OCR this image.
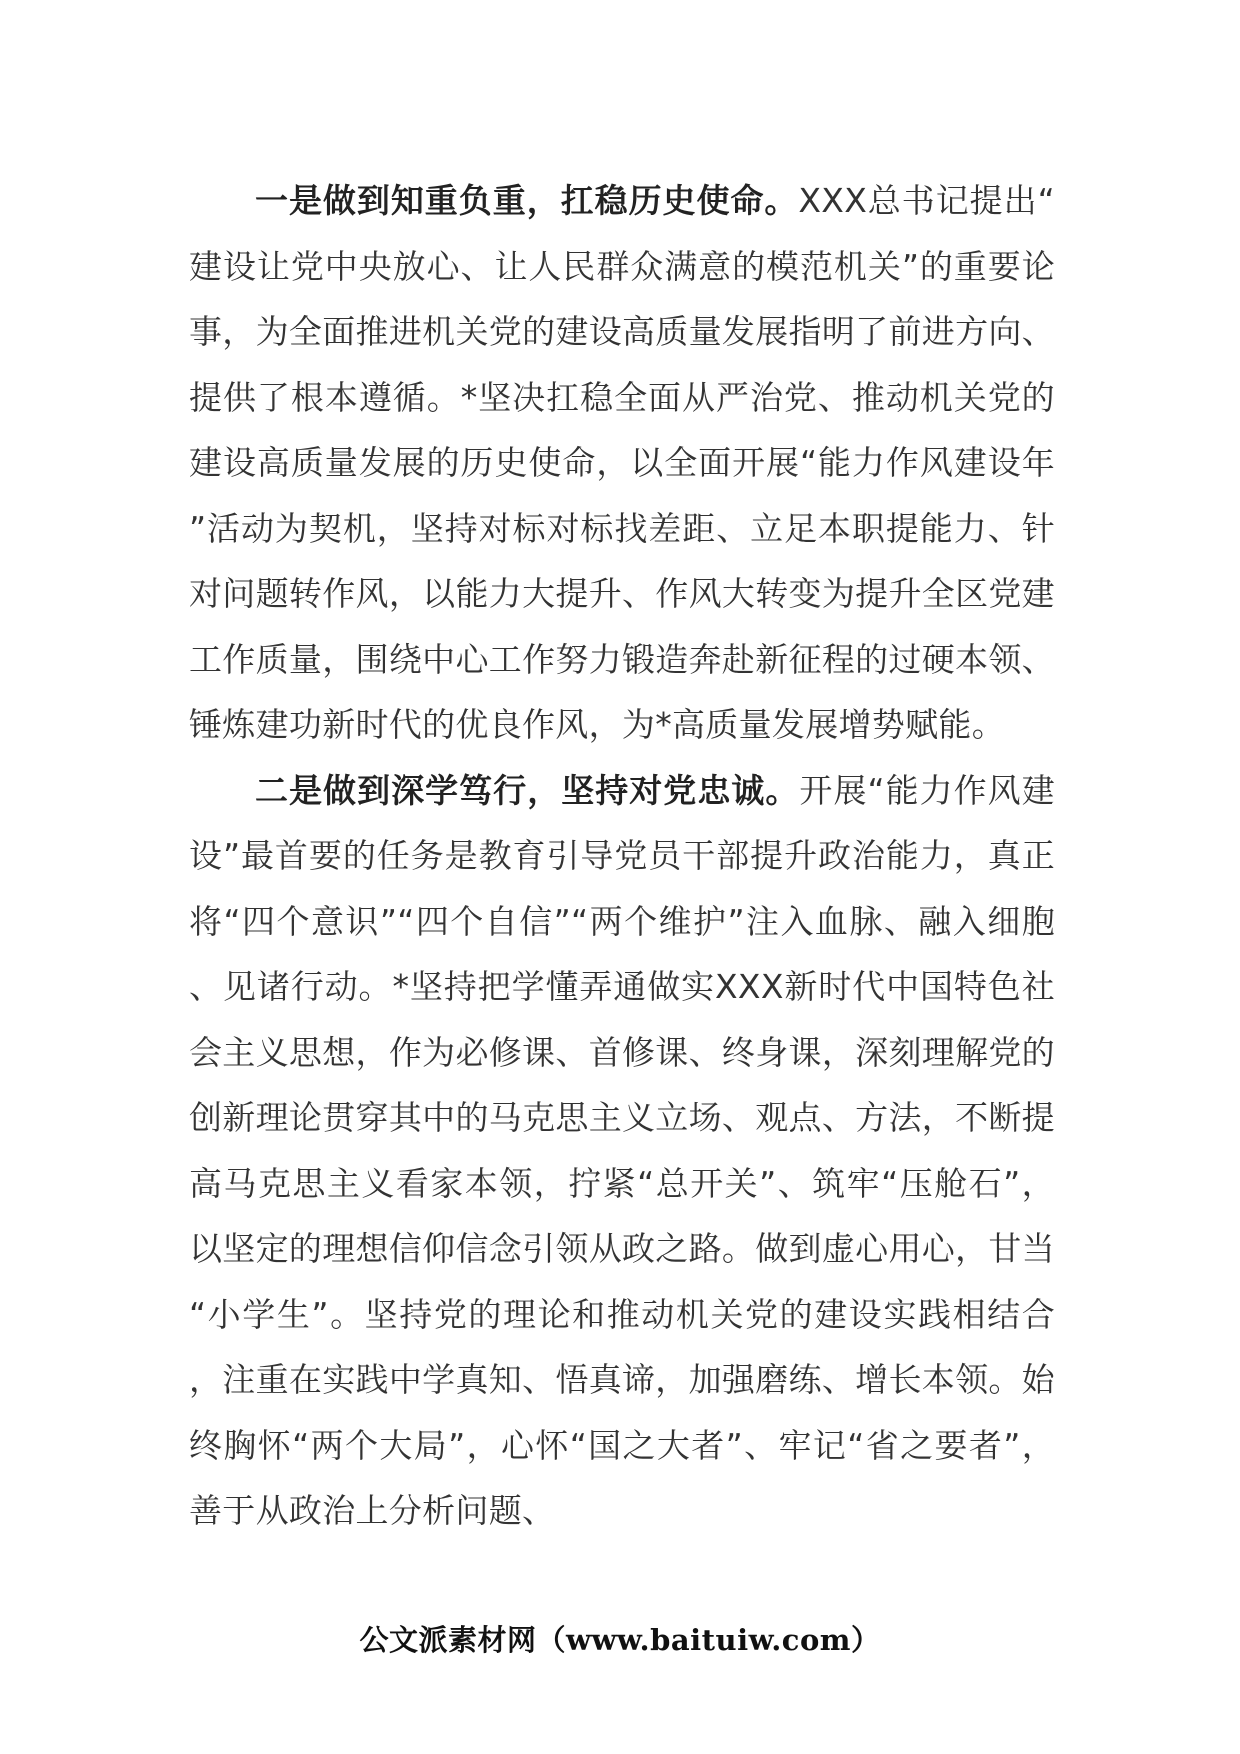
一是做到知重负重，扛稳历史使命。XXX总书记提出“建设让党中央放心、让人民群众满意的模范机关”的重要论事，为全面推进机关党的建设高质量发展指明了前进方向、提供了根本遵循。*坚决扛稳全面从严治党、推动机关党的建设高质量发展的历史使命，以全面开展“能力作风建设年”活动为契机，坚持对标对标找差距、立足本职提能力、针对问题转作风，以能力大提升、作风大转变为提升全区党建工作质量，围绕中心工作努力锻造奔赴新征程的过硬本领、锤炼建功新时代的优良作风，为*高质量发展增势赋能。

二是做到深学笃行，坚持对党忠诚。开展“能力作风建设”最首要的任务是教育引导党员干部提升政治能力，真正将“四个意识”“四个自信”“两个维护”注入血脉、融入细胞、见诸行动。*坚持把学懂弄通做实XXX新时代中国特色社会主义思想，作为必修课、首修课、终身课，深刻理解党的创新理论贯穿其中的马克思主义立场、观点、方法，不断提高马克思主义看家本领，拧紧“总开关”、筑牢“压舱石”，以坚定的理想信仰信念引领从政之路。做到虚心用心，甘当“小学生”。坚持党的理论和推动机关党的建设实践相结合，注重在实践中学真知、悟真谛，加强磨练、增长本领。始终胸怀“两个大局”，心怀“国之大者”、牢记“省之要者”，善于从政治上分析问题、

公文派素材网（www.baituiw.com）
